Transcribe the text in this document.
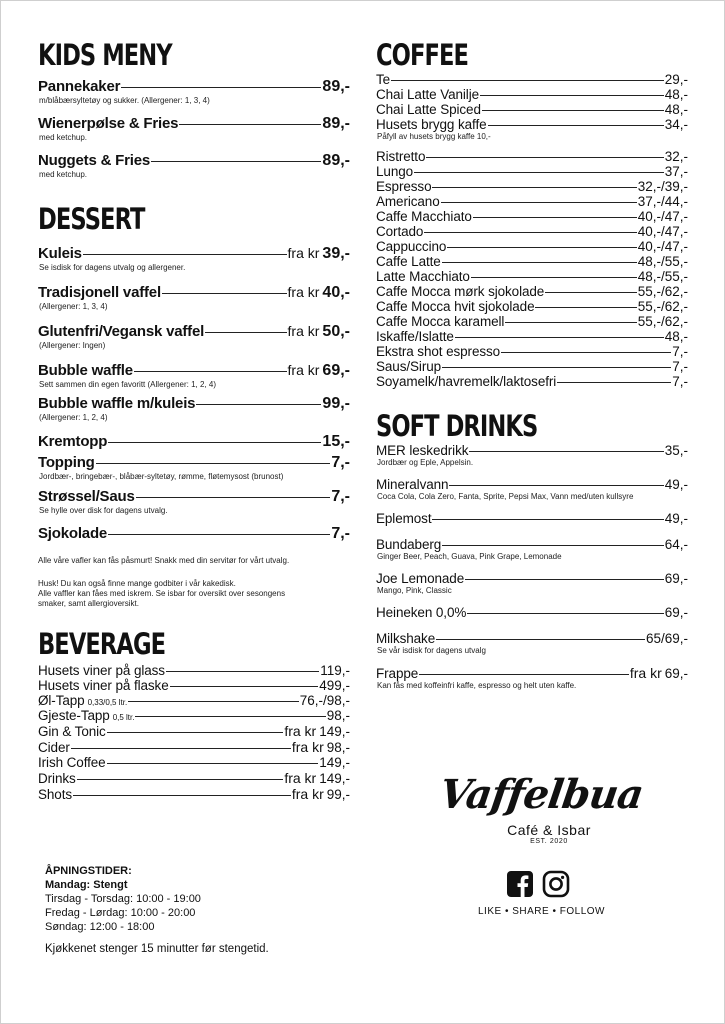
KIDS MENY
Pannekaker	89,-
m/blåbærsyltetøy og sukker. (Allergener: 1, 3, 4)
Wienerpølse & Fries	89,-
med ketchup.
Nuggets & Fries	89,-
med ketchup.
DESSERT
Kuleis	fra kr 39,-
Se isdisk for dagens utvalg og allergener.
Tradisjonell vaffel	fra kr 40,-
(Allergener: 1, 3, 4)
Glutenfri/Vegansk vaffel	fra kr 50,-
(Allergener: Ingen)
Bubble waffle	fra kr 69,-
Sett sammen din egen favoritt (Allergener: 1, 2, 4)
Bubble waffle m/kuleis	99,-
(Allergener: 1, 2, 4)
Kremtopp	15,-
Topping	7,-
Jordbær-, bringebær-, blåbær-syltetøy, rømme, fløtemysost (brunost)
Strøssel/Saus	7,-
Se hylle over disk for dagens utvalg.
Sjokolade	7,-
Alle våre vafler kan fås påsmurt! Snakk med din servitør for vårt utvalg.
Husk! Du kan også finne mange godbiter i vår kakedisk.
Alle vaffler kan fåes med iskrem. Se isbar for oversikt over sesongens
smaker, samt allergioversikt.
BEVERAGE
Husets viner på glass	119,-
Husets viner på flaske	499,-
Øl-Tapp 0,33/0,5 ltr.	76,-/98,-
Gjeste-Tapp 0,5 ltr.	98,-
Gin & Tonic	fra kr 149,-
Cider	fra kr 98,-
Irish Coffee	149,-
Drinks	fra kr 149,-
Shots	fra kr 99,-
ÅPNINGSTIDER:
Mandag: Stengt
Tirsdag - Torsdag: 10:00 - 19:00
Fredag - Lørdag: 10:00 - 20:00
Søndag: 12:00 - 18:00
Kjøkkenet stenger 15 minutter før stengetid.
COFFEE
Te	29,-
Chai Latte Vanilje	48,-
Chai Latte Spiced	48,-
Husets brygg kaffe	34,-
Påfyll av husets brygg kaffe 10,-
Ristretto	32,-
Lungo	37,-
Espresso	32,-/39,-
Americano	37,-/44,-
Caffe Macchiato	40,-/47,-
Cortado	40,-/47,-
Cappuccino	40,-/47,-
Caffe Latte	48,-/55,-
Latte Macchiato	48,-/55,-
Caffe Mocca mørk sjokolade	55,-/62,-
Caffe Mocca hvit sjokolade	55,-/62,-
Caffe Mocca karamell	55,-/62,-
Iskaffe/Islatte	48,-
Ekstra shot espresso	7,-
Saus/Sirup	7,-
Soyamelk/havremelk/laktosefri	7,-
SOFT DRINKS
MER leskedrikk	35,-
Jordbær og Eple, Appelsin.
Mineralvann	49,-
Coca Cola, Cola Zero, Fanta, Sprite, Pepsi Max, Vann med/uten kullsyre
Eplemost	49,-
Bundaberg	64,-
Ginger Beer, Peach, Guava, Pink Grape, Lemonade
Joe Lemonade	69,-
Mango, Pink, Classic
Heineken 0,0%	69,-
Milkshake	65/69,-
Se vår isdisk for dagens utvalg
Frappe	fra kr 69,-
Kan fås med koffeinfri kaffe, espresso og helt uten kaffe.
Vaffelbua
Café & Isbar
EST. 2020
LIKE • SHARE • FOLLOW
